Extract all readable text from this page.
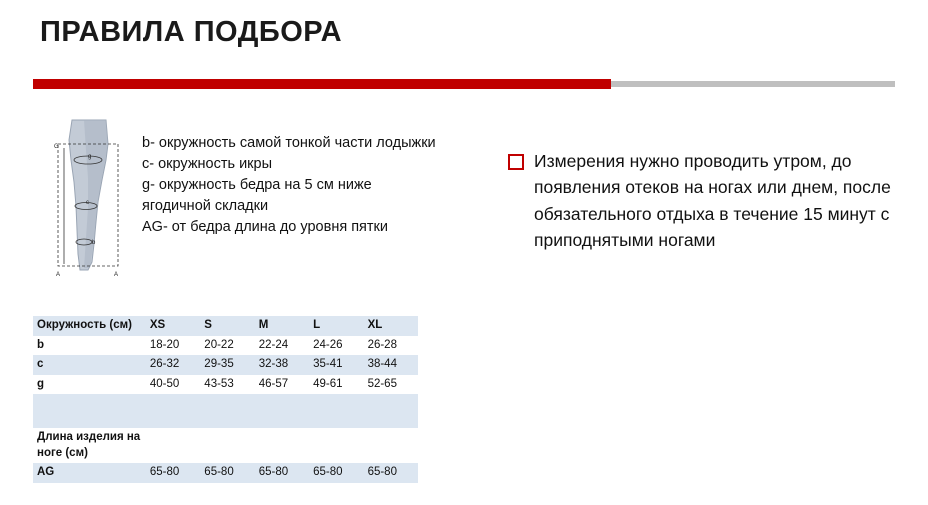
ПРАВИЛА ПОДБОРА
G
g
c
b
A	A
b- окружность самой тонкой части лодыжки
c- окружность икры
g- окружность бедра на 5 см ниже ягодичной складки
AG- от бедра длина до уровня пятки
Измерения нужно проводить утром, до появления отеков на ногах или днем, после обязательного отдыха в течение 15 минут с приподнятыми ногами
Окружность (см)	XS	S	M	L	XL
b	18-20	20-22	22-24	24-26	26-28
c	26-32	29-35	32-38	35-41	38-44
g	40-50	43-53	46-57	49-61	52-65

Длина изделия на ноге (см)					
AG	65-80	65-80	65-80	65-80	65-80
